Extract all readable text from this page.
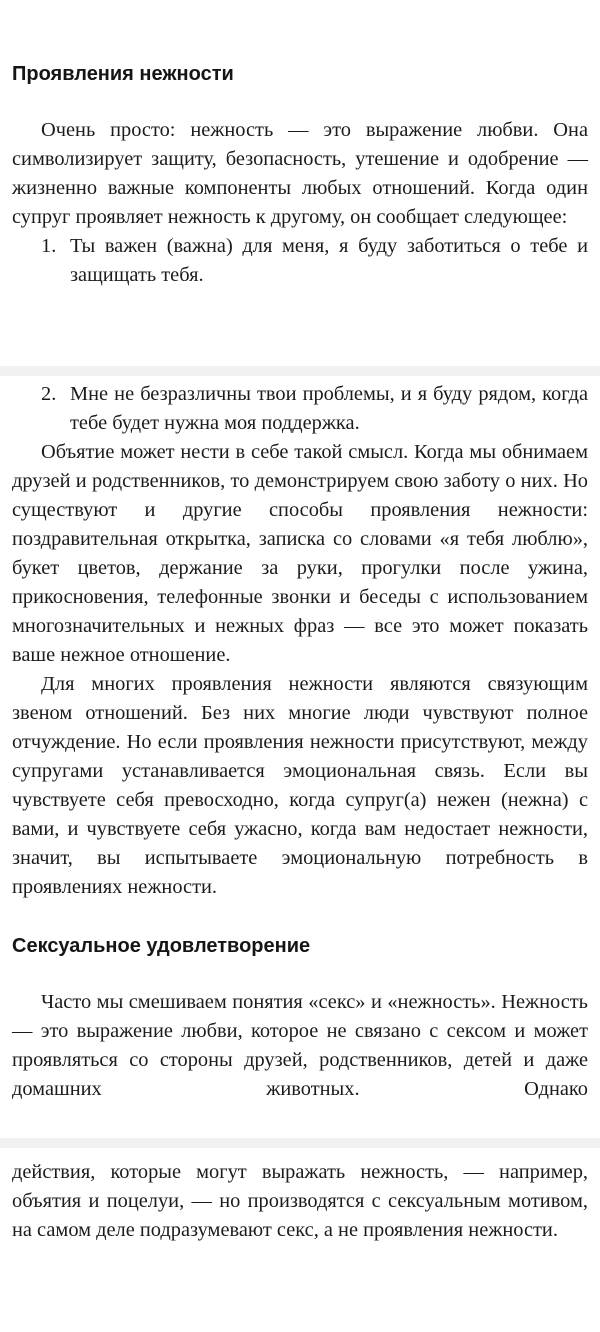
Проявления нежности

Очень просто: нежность — это выражение любви. Она символизирует защиту, безопасность, утешение и одобрение — жизненно важные компоненты любых отношений. Когда один супруг проявляет нежность к другому, он сообщает следующее:

1. Ты важен (важна) для меня, я буду заботиться о тебе и защищать тебя.
2. Мне не безразличны твои проблемы, и я буду рядом, когда тебе будет нужна моя поддержка.

Объятие может нести в себе такой смысл. Когда мы обнимаем друзей и родственников, то демонстрируем свою заботу о них. Но существуют и другие способы проявления нежности: поздравительная открытка, записка со словами «я тебя люблю», букет цветов, держание за руки, прогулки после ужина, прикосновения, телефонные звонки и беседы с использованием многозначительных и нежных фраз — все это может показать ваше нежное отношение.

Для многих проявления нежности являются связующим звеном отношений. Без них многие люди чувствуют полное отчуждение. Но если проявления нежности присутствуют, между супругами устанавливается эмоциональная связь. Если вы чувствуете себя превосходно, когда супруг(а) нежен (нежна) с вами, и чувствуете себя ужасно, когда вам недостает нежности, значит, вы испытываете эмоциональную потребность в проявлениях нежности.

Сексуальное удовлетворение

Часто мы смешиваем понятия «секс» и «нежность». Нежность — это выражение любви, которое не связано с сексом и может проявляться со стороны друзей, родственников, детей и даже домашних животных. Однако

действия, которые могут выражать нежность, — например, объятия и поцелуи, — но производятся с сексуальным мотивом, на самом деле подразумевают секс, а не проявления нежности.
